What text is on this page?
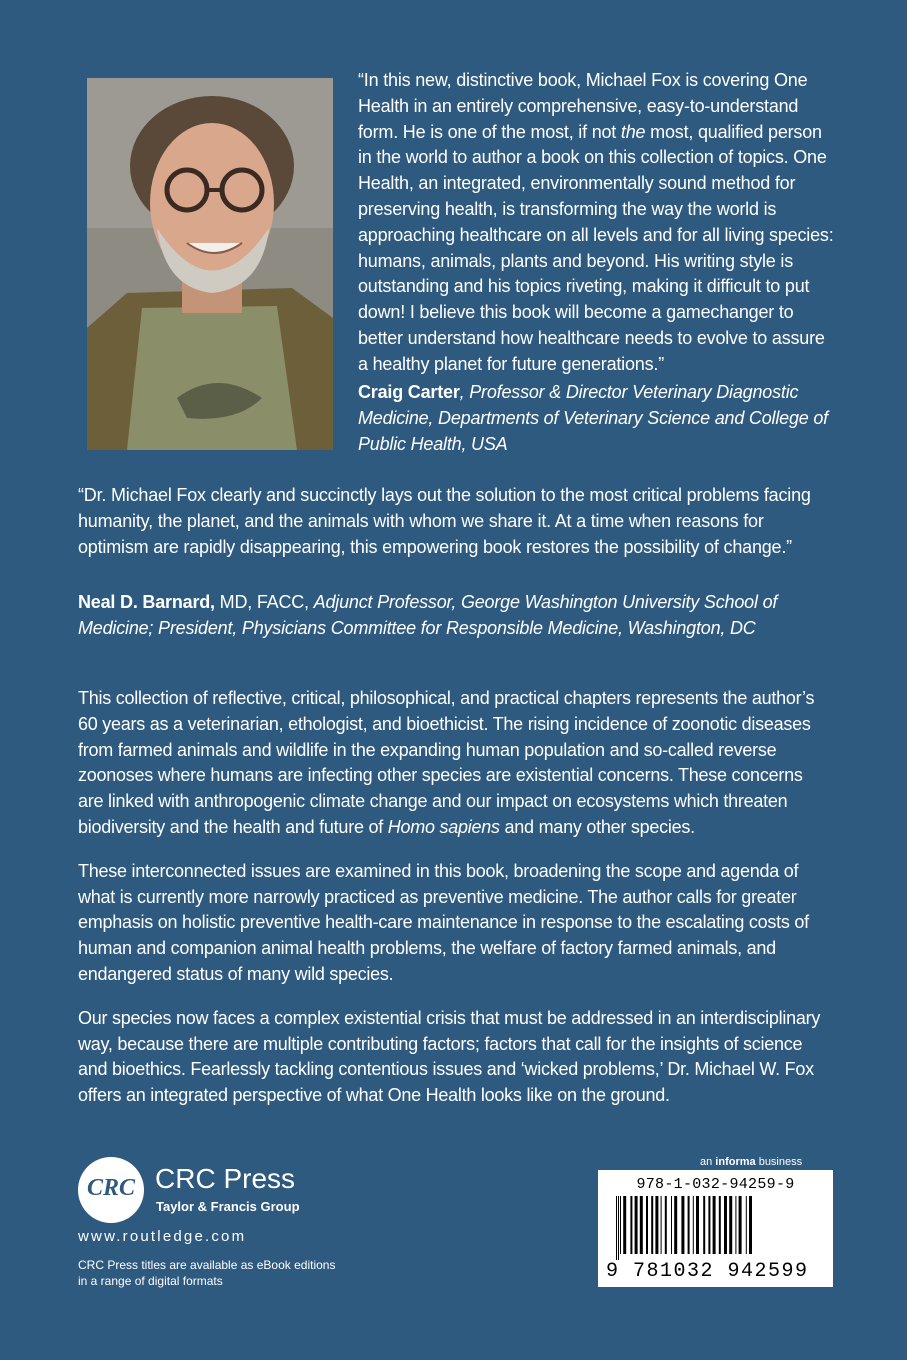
“In this new, distinctive book, Michael Fox is covering One Health in an entirely comprehensive, easy-to-understand form. He is one of the most, if not the most, qualified person in the world to author a book on this collection of topics. One Health, an integrated, environmentally sound method for preserving health, is transforming the way the world is approaching healthcare on all levels and for all living species: humans, animals, plants and beyond. His writing style is outstanding and his topics riveting, making it difficult to put down! I believe this book will become a gamechanger to better understand how healthcare needs to evolve to assure a healthy planet for future generations.”

Craig Carter, Professor & Director Veterinary Diagnostic Medicine, Departments of Veterinary Science and College of Public Health, USA

“Dr. Michael Fox clearly and succinctly lays out the solution to the most critical problems facing humanity, the planet, and the animals with whom we share it. At a time when reasons for optimism are rapidly disappearing, this empowering book restores the possibility of change.”

Neal D. Barnard, MD, FACC, Adjunct Professor, George Washington University School of Medicine; President, Physicians Committee for Responsible Medicine, Washington, DC

This collection of reflective, critical, philosophical, and practical chapters represents the author’s 60 years as a veterinarian, ethologist, and bioethicist. The rising incidence of zoonotic diseases from farmed animals and wildlife in the expanding human population and so-called reverse zoonoses where humans are infecting other species are existential concerns. These concerns are linked with anthropogenic climate change and our impact on ecosystems which threaten biodiversity and the health and future of Homo sapiens and many other species.

These interconnected issues are examined in this book, broadening the scope and agenda of what is currently more narrowly practiced as preventive medicine. The author calls for greater emphasis on holistic preventive health-care maintenance in response to the escalating costs of human and companion animal health problems, the welfare of factory farmed animals, and endangered status of many wild species.

Our species now faces a complex existential crisis that must be addressed in an interdisciplinary way, because there are multiple contributing factors; factors that call for the insights of science and bioethics. Fearlessly tackling contentious issues and ‘wicked problems,’ Dr. Michael W. Fox offers an integrated perspective of what One Health looks like on the ground.

CRC CRC Press
Taylor & Francis Group
www.routledge.com
CRC Press titles are available as eBook editions in a range of digital formats
an informa business
978-1-032-94259-9
9 781032 942599
